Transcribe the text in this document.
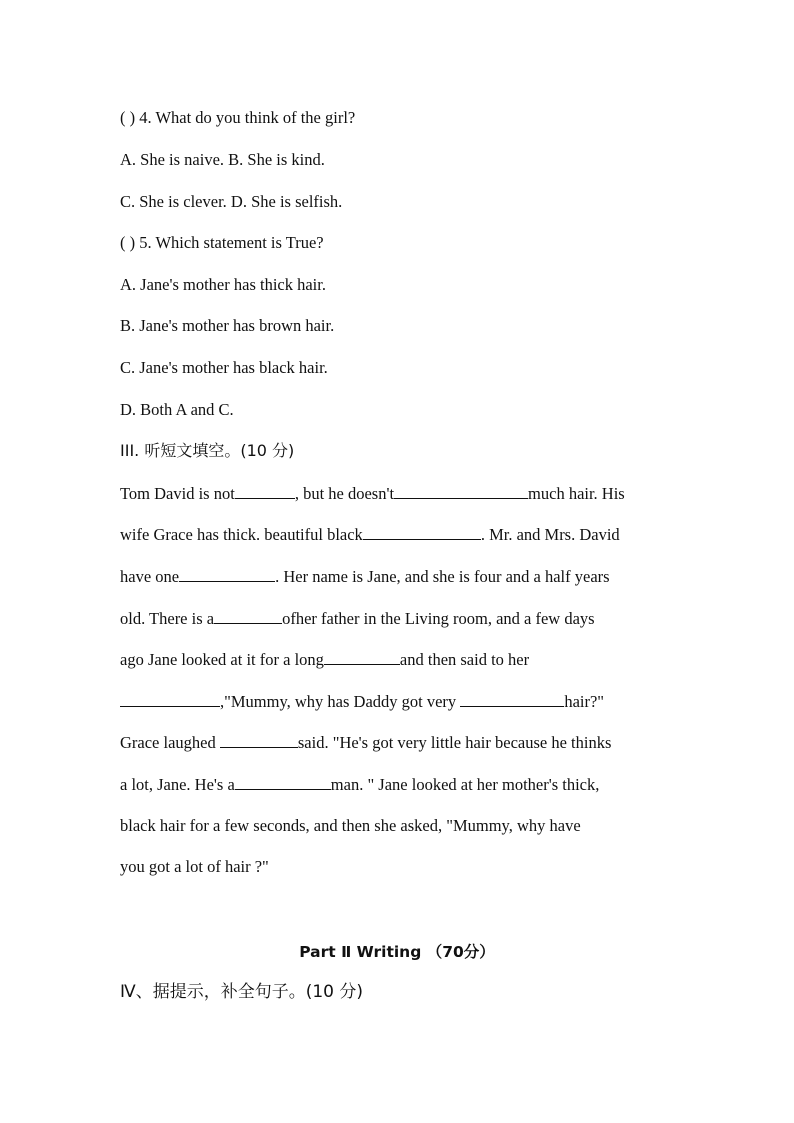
( ) 4. What do you think of the girl?
A. She is naive. B. She is kind.
C. She is clever. D. She is selfish.
( ) 5. Which statement is True?
A. Jane's mother has thick hair.
B. Jane's mother has brown hair.
C. Jane's mother has black hair.
D. Both A and C.
III. 听短文填空。(10 分)
Tom David is not	, but he doesn't	much hair. His
wife Grace has thick. beautiful black	. Mr. and Mrs. David
have one	. Her name is Jane, and she is four and a half years
old. There is a	ofher father in the Living room, and a few days
ago Jane looked at it for a long	and then said to her
,"Mummy, why has Daddy got very	hair?"
Grace laughed	said. "He's got very little hair because he thinks
a lot, Jane. He's a	man. " Jane looked at her mother's thick,
black hair for a few seconds, and then she asked, "Mummy, why have
you got a lot of hair ?"
Part Ⅱ Writing （70分）
Ⅳ、据提示，补全句子。(10 分)
